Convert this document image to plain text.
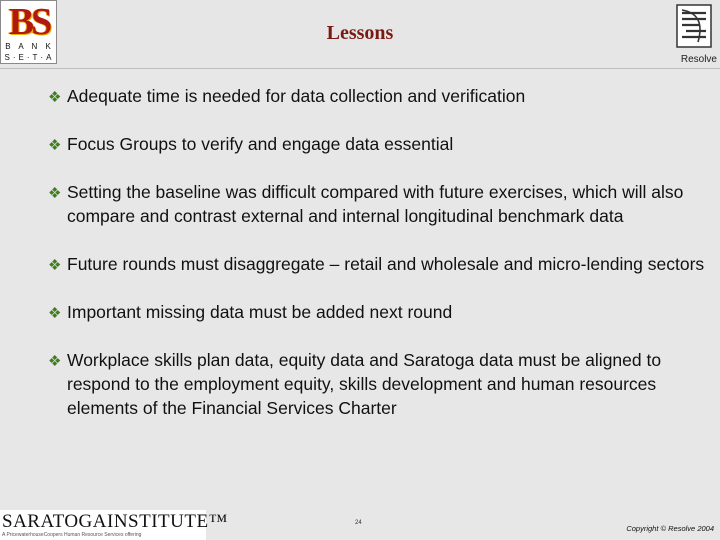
BS
B A N K
S·E·T·A
Lessons
Resolve
❖ Adequate time is needed for data collection and verification
❖ Focus Groups to verify and engage data essential
❖ Setting the baseline was difficult compared with future exercises, which will also compare and contrast external and internal longitudinal benchmark data
❖ Future rounds must disaggregate – retail and wholesale and micro-lending sectors
❖ Important missing data must be added next round
❖ Workplace skills plan data, equity data and Saratoga data must be aligned to respond to the employment equity, skills development and human resources elements of the Financial Services Charter
SARATOGAINSTITUTE™
A PricewaterhouseCoopers Human Resource Services offering
24
Copyright © Resolve 2004
